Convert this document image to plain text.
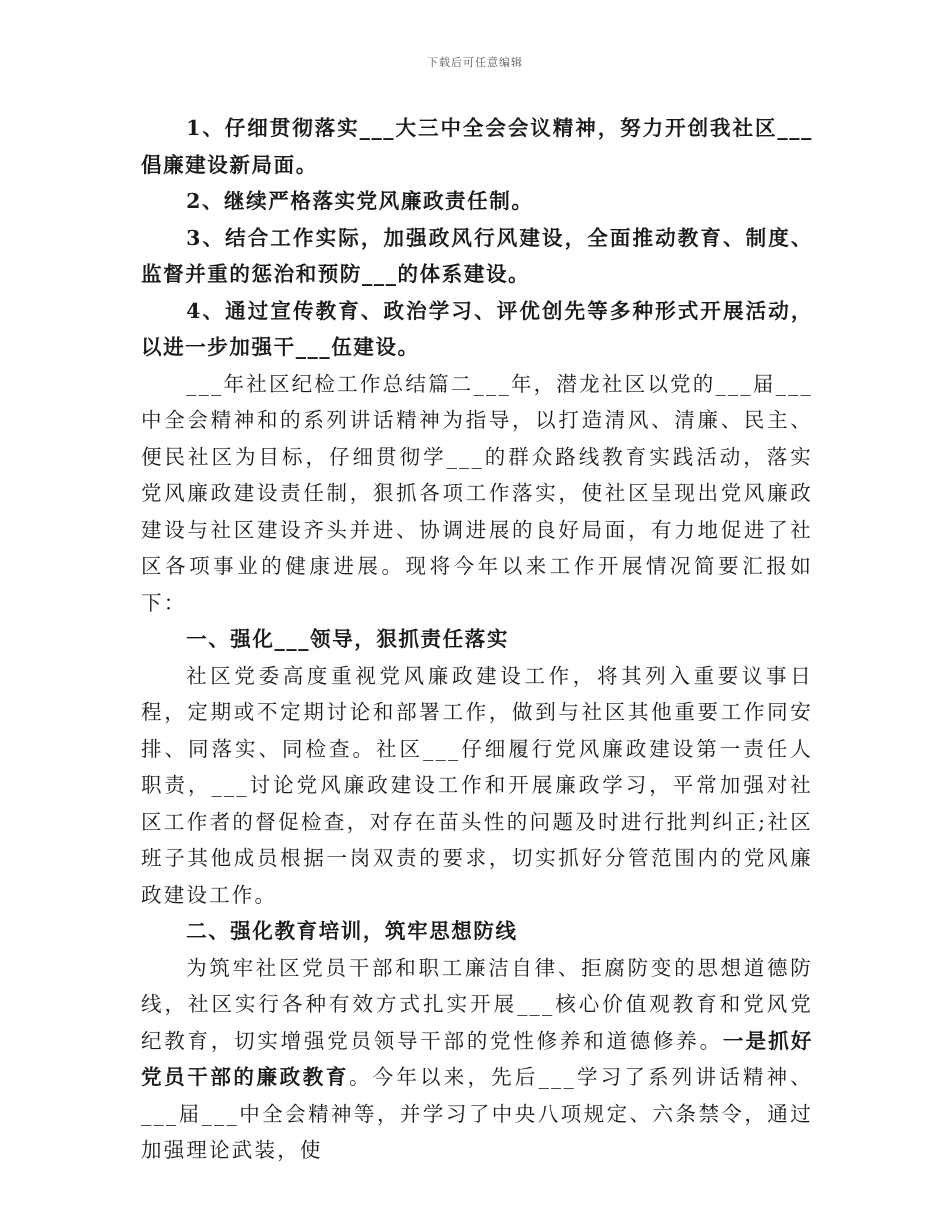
下载后可任意编辑

1、仔细贯彻落实___大三中全会会议精神，努力开创我社区___倡廉建设新局面。

2、继续严格落实党风廉政责任制。

3、结合工作实际，加强政风行风建设，全面推动教育、制度、监督并重的惩治和预防___的体系建设。

4、通过宣传教育、政治学习、评优创先等多种形式开展活动，以进一步加强干___伍建设。

___年社区纪检工作总结篇二___年，潜龙社区以党的___届___中全会精神和的系列讲话精神为指导，以打造清风、清廉、民主、便民社区为目标，仔细贯彻学___的群众路线教育实践活动，落实党风廉政建设责任制，狠抓各项工作落实，使社区呈现出党风廉政建设与社区建设齐头并进、协调进展的良好局面，有力地促进了社区各项事业的健康进展。现将今年以来工作开展情况简要汇报如下：

一、强化___领导，狠抓责任落实

社区党委高度重视党风廉政建设工作，将其列入重要议事日程，定期或不定期讨论和部署工作，做到与社区其他重要工作同安排、同落实、同检查。社区___仔细履行党风廉政建设第一责任人职责，___讨论党风廉政建设工作和开展廉政学习，平常加强对社区工作者的督促检查，对存在苗头性的问题及时进行批判纠正;社区班子其他成员根据一岗双责的要求，切实抓好分管范围内的党风廉政建设工作。

二、强化教育培训，筑牢思想防线

为筑牢社区党员干部和职工廉洁自律、拒腐防变的思想道德防线，社区实行各种有效方式扎实开展___核心价值观教育和党风党纪教育，切实增强党员领导干部的党性修养和道德修养。一是抓好党员干部的廉政教育。今年以来，先后___学习了系列讲话精神、___届___中全会精神等，并学习了中央八项规定、六条禁令，通过加强理论武装，使
